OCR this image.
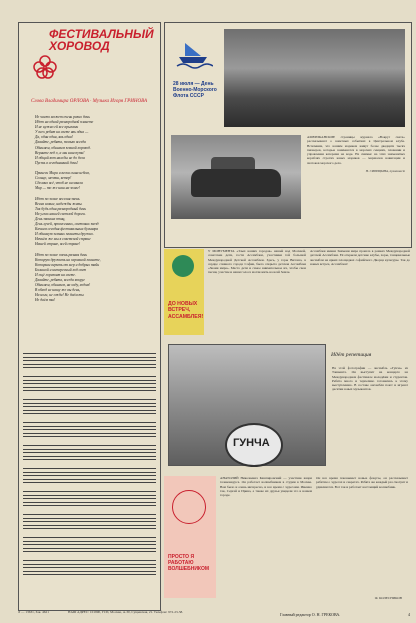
ФЕСТИВАЛЬНЫЙ ХОРОВОД
Слова Владимира ОРЛОВА · Музыка Игоря ГРИНОВА
Не часто может очень разно день
Идет на одной разнородной планете
И не нужно ей все крылами
У всех ребят на свете явь одна —
Да, один один, явь одна!
Давайте, ребята, только всегда
Обнимем, обнимем земной хоровод.
Верните пед о, а мы наш путь!
И общий вот нам бы не до дела
Пусть в сегодняшний день!

Принеси Мира и веска сына небом,
Солнце, мечты, ветер!
Сделано всё, чтоб не иссякала
Мир — то же наш на земле!

Идет по земле веселая звень
Весна новые, надежды живы.
Так будь один разнородный день
На углах нашей светлой дороги.
День звонких птиц,
День лучей, провесенних, световых звезд
Качнем сегодня фестивальных бульвара
И обнимут земных планеты дружно.
Начнём же мы в советской стране
Нашей стране, всей стране!

Идет по земле очень разная день
Которую дружить на огромной планете,
Которым верить от мер и добрых тайн
Большой и интересный ход свет
И ещё горизонт на свете.
Давайте, ребята, всегда вокруг
Обнимем, обнимем, на ходу, ходом!
В обход не нашу же вы день,
На ноги, не ожди! Не даём ты
Не даём ты!
28 июля — День Военно-Морского Флота СССР
АМЕРИКАНСКИЕ страницы журнала «Вокруг света» рассказывают о заметных событиях в Центральном клубе. Вспомним, что нашим моряком живут более двадцати тысяч пионеров, которые занимаются в морских секциях, плавании и управлении катерами на воде. На снимке: на этих знаменитых кораблях строгих юных моряков — маршалов навигации и знатоков морского дела.
Н. СИНИЦЫНА, пушкинист
ДО НОВЫХ ВСТРЕЧ, АССАМБЛЕЯ!
У МОНУМЕНТА «Злых наших городов» нашей над Москвой, советские дети, гости Ассамблеи, участники той большой Международной Детской Ассамблеи. Здесь, у горы Витоша, в сердце славного города София, была открыта детская Ассамблея «Знамя мира». Место дети и самое внимательное их, чтобы свои песни, участие и наши голоса могли жить на всей Земле.
Ассамблея имени Знамени мира прошла в рамках Международной детской Ассамблеи. Её открыли детские клубы, хоры, танцевальные ансамбли на ярких площадках софийского Дворца культуры. Так до новых встреч, Ассамблея!
ГУНЧА
Идёт репетиция
На этой фотографии — ансамбль «Гунча» из Ташкента. Он выступит на концерте на Международном фестивале молодёжи и студентов. Ребята много и терпеливо готовились к этому выступлению. В составе ансамбля поют и играют десятки юных музыкантов.
ПРОСТО Я РАБОТАЮ ВОЛШЕБНИКОМ
АНАТОЛИЙ Николаевич Кашпировский — участник жюри телеконкурса. Он работает волшебником в студии в Москве. Вам было и очень интересно, и все время с чудесами. Именно так, Сергей и Ирина, а также их друзья увидели это в нашем городе.
Он все время показывает новые фокусы, он рассказывает ребятам о чудесах и секретах. Ребята же каждый раз смотрят и удивляются. Вот так и работает настоящий волшебник.
Ф. КОЛЕСНИКОВ
Л — 13631, Зак. 4621	НАШ АДРЕС: 101990, ГСП, Москва, А-30, Сущевская, 21. Телефон: 972-23-58.	Главный редактор О. Н. ГРЕКОВА.	4
